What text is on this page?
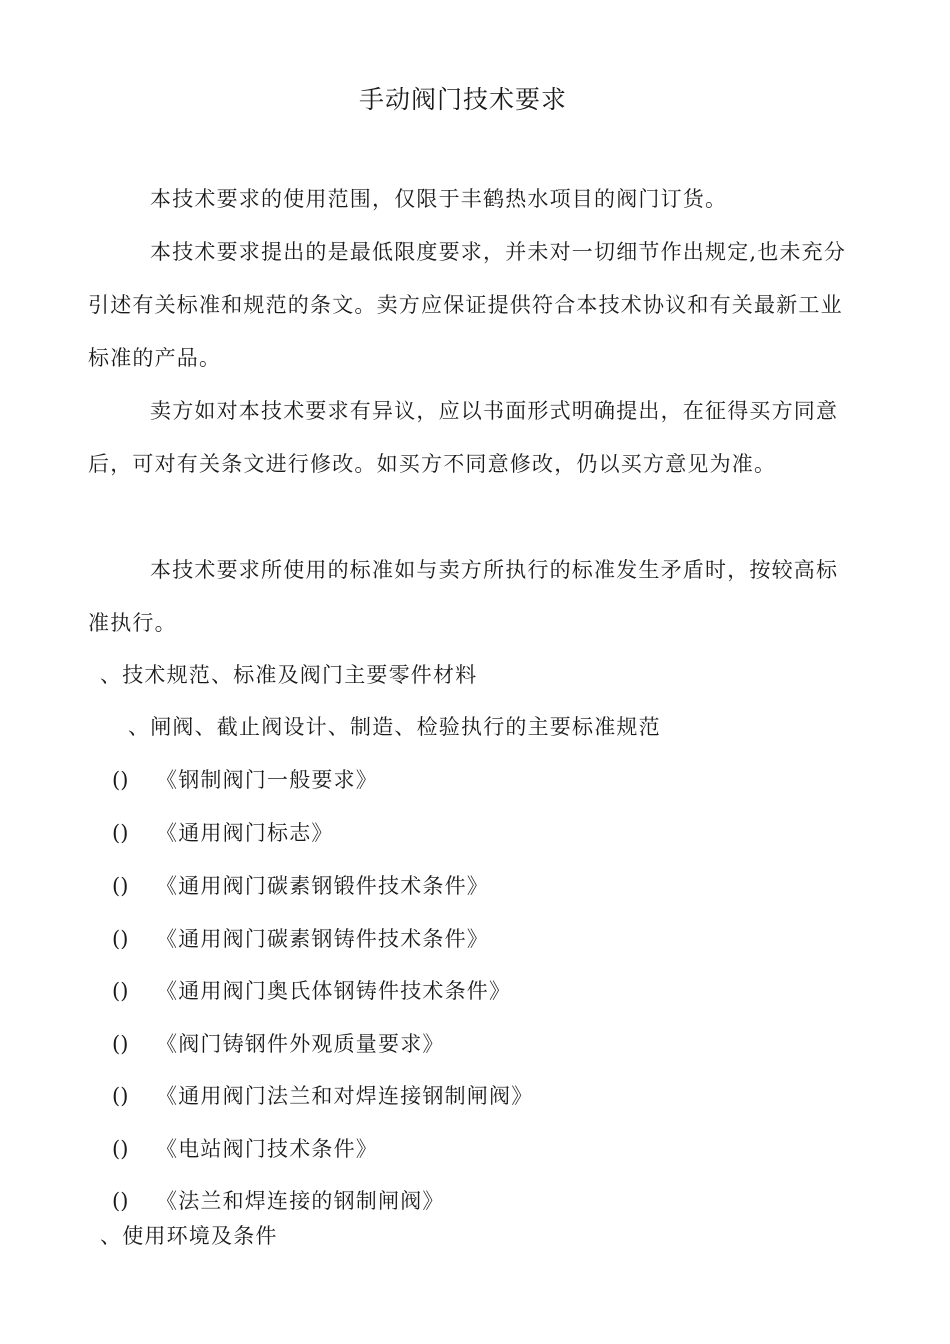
手动阀门技术要求

本技术要求的使用范围，仅限于丰鹤热水项目的阀门订货。

本技术要求提出的是最低限度要求，并未对一切细节作出规定,也未充分引述有关标准和规范的条文。卖方应保证提供符合本技术协议和有关最新工业标准的产品。

卖方如对本技术要求有异议，应以书面形式明确提出，在征得买方同意后，可对有关条文进行修改。如买方不同意修改，仍以买方意见为准。

本技术要求所使用的标准如与卖方所执行的标准发生矛盾时，按较高标准执行。

、技术规范、标准及阀门主要零件材料
、闸阀、截止阀设计、制造、检验执行的主要标准规范
() 《钢制阀门一般要求》
() 《通用阀门标志》
() 《通用阀门碳素钢锻件技术条件》
() 《通用阀门碳素钢铸件技术条件》
() 《通用阀门奥氏体钢铸件技术条件》
() 《阀门铸钢件外观质量要求》
() 《通用阀门法兰和对焊连接钢制闸阀》
() 《电站阀门技术条件》
() 《法兰和焊连接的钢制闸阀》
、使用环境及条件
